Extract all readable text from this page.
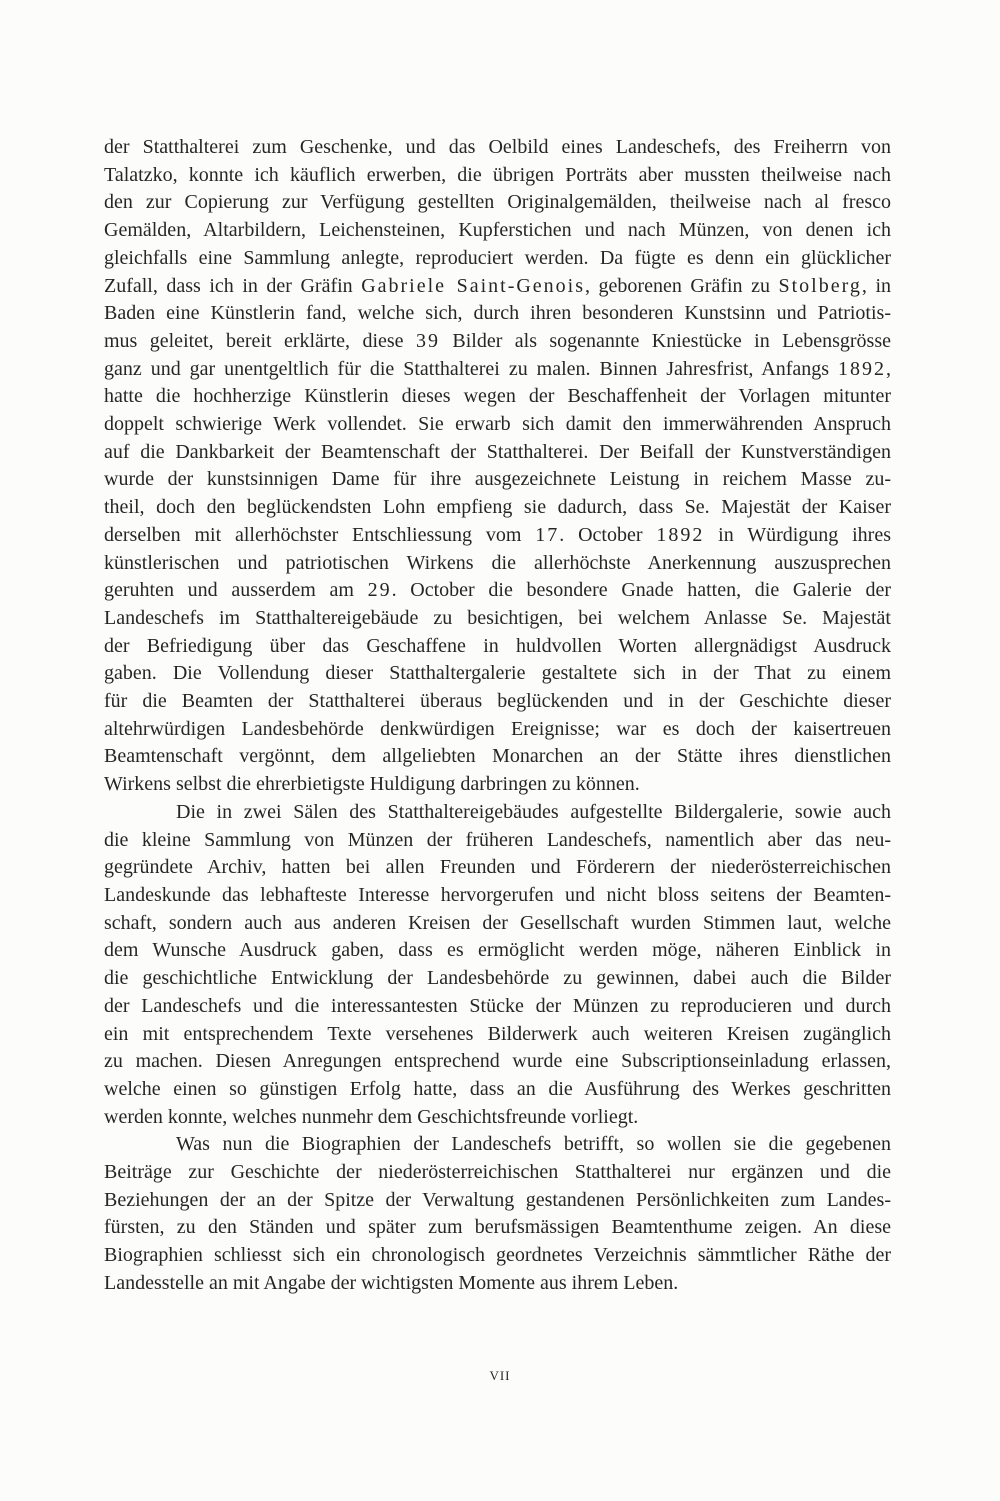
der Statthalterei zum Geschenke, und das Oelbild eines Landeschefs, des Freiherrn von
Talatzko, konnte ich käuflich erwerben, die übrigen Porträts aber mussten theilweise nach
den zur Copierung zur Verfügung gestellten Originalgemälden, theilweise nach al fresco
Gemälden, Altarbildern, Leichensteinen, Kupferstichen und nach Münzen, von denen ich
gleichfalls eine Sammlung anlegte, reproduciert werden. Da fügte es denn ein glücklicher
Zufall, dass ich in der Gräfin Gabriele Saint-Genois, geborenen Gräfin zu Stolberg, in
Baden eine Künstlerin fand, welche sich, durch ihren besonderen Kunstsinn und Patriotis-
mus geleitet, bereit erklärte, diese 39 Bilder als sogenannte Kniestücke in Lebensgrösse
ganz und gar unentgeltlich für die Statthalterei zu malen. Binnen Jahresfrist, Anfangs 1892,
hatte die hochherzige Künstlerin dieses wegen der Beschaffenheit der Vorlagen mitunter
doppelt schwierige Werk vollendet. Sie erwarb sich damit den immerwährenden Anspruch
auf die Dankbarkeit der Beamtenschaft der Statthalterei. Der Beifall der Kunstverständigen
wurde der kunstsinnigen Dame für ihre ausgezeichnete Leistung in reichem Masse zu-
theil, doch den beglückendsten Lohn empfieng sie dadurch, dass Se. Majestät der Kaiser
derselben mit allerhöchster Entschliessung vom 17. October 1892 in Würdigung ihres
künstlerischen und patriotischen Wirkens die allerhöchste Anerkennung auszusprechen
geruhten und ausserdem am 29. October die besondere Gnade hatten, die Galerie der
Landeschefs im Statthaltereigebäude zu besichtigen, bei welchem Anlasse Se. Majestät
der Befriedigung über das Geschaffene in huldvollen Worten allergnädigst Ausdruck
gaben. Die Vollendung dieser Statthaltergalerie gestaltete sich in der That zu einem
für die Beamten der Statthalterei überaus beglückenden und in der Geschichte dieser
altehrwürdigen Landesbehörde denkwürdigen Ereignisse; war es doch der kaisertreuen
Beamtenschaft vergönnt, dem allgeliebten Monarchen an der Stätte ihres dienstlichen
Wirkens selbst die ehrerbietigste Huldigung darbringen zu können.
Die in zwei Sälen des Statthaltereigebäudes aufgestellte Bildergalerie, sowie auch
die kleine Sammlung von Münzen der früheren Landeschefs, namentlich aber das neu-
gegründete Archiv, hatten bei allen Freunden und Förderern der niederösterreichischen
Landeskunde das lebhafteste Interesse hervorgerufen und nicht bloss seitens der Beamten-
schaft, sondern auch aus anderen Kreisen der Gesellschaft wurden Stimmen laut, welche
dem Wunsche Ausdruck gaben, dass es ermöglicht werden möge, näheren Einblick in
die geschichtliche Entwicklung der Landesbehörde zu gewinnen, dabei auch die Bilder
der Landeschefs und die interessantesten Stücke der Münzen zu reproducieren und durch
ein mit entsprechendem Texte versehenes Bilderwerk auch weiteren Kreisen zugänglich
zu machen. Diesen Anregungen entsprechend wurde eine Subscriptionseinladung erlassen,
welche einen so günstigen Erfolg hatte, dass an die Ausführung des Werkes geschritten
werden konnte, welches nunmehr dem Geschichtsfreunde vorliegt.
Was nun die Biographien der Landeschefs betrifft, so wollen sie die gegebenen
Beiträge zur Geschichte der niederösterreichischen Statthalterei nur ergänzen und die
Beziehungen der an der Spitze der Verwaltung gestandenen Persönlichkeiten zum Landes-
fürsten, zu den Ständen und später zum berufsmässigen Beamtenthume zeigen. An diese
Biographien schliesst sich ein chronologisch geordnetes Verzeichnis sämmtlicher Räthe der
Landesstelle an mit Angabe der wichtigsten Momente aus ihrem Leben.
VII
